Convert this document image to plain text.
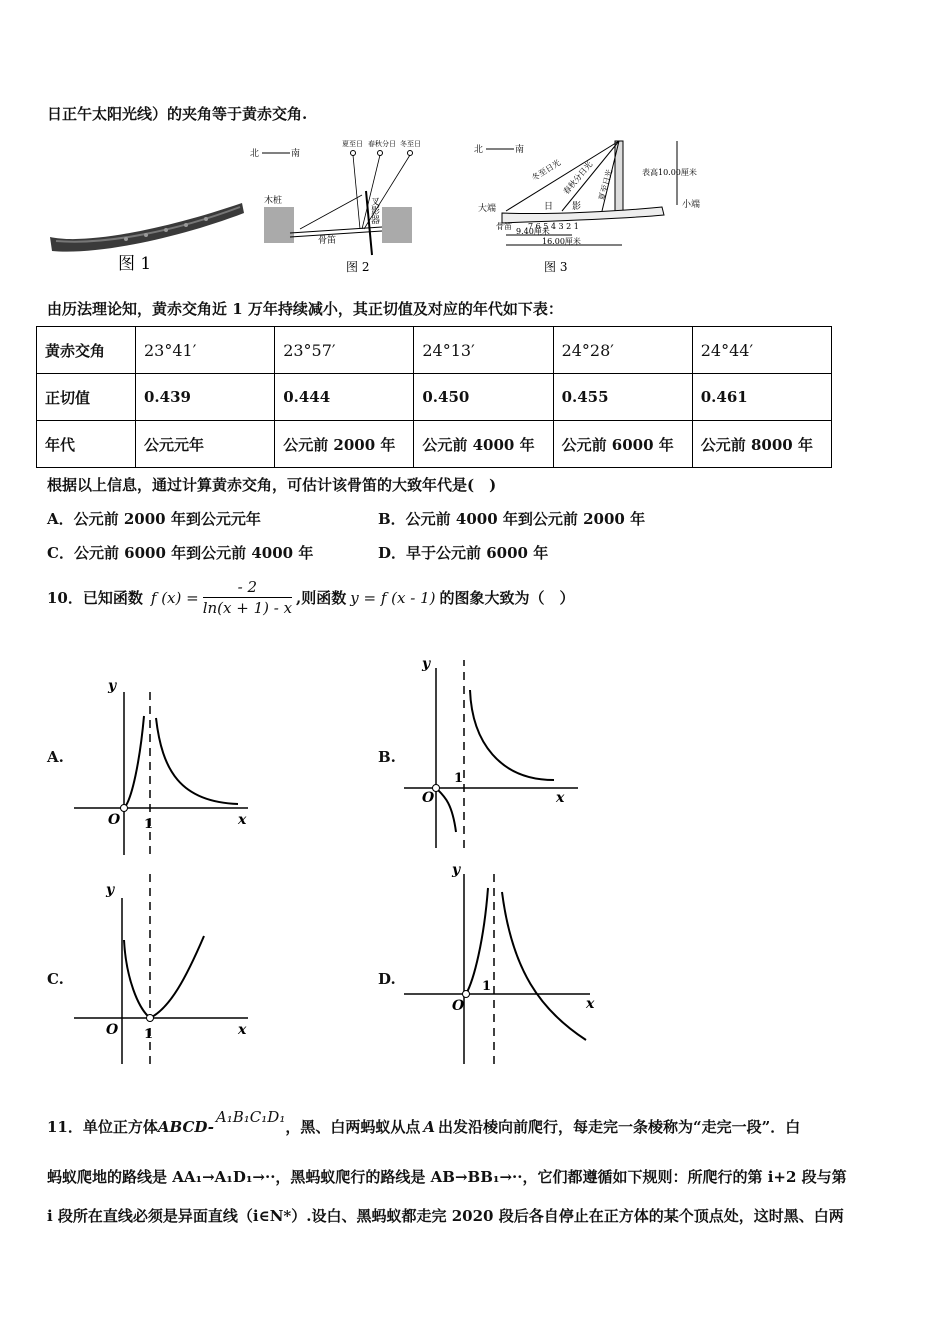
日正午太阳光线）的夹角等于黄赤交角.
图 1
北	南
夏至日 春秋分日 冬至日
木桩	叉影器
骨笛
图 2
北	南
冬至日光 春秋分日光 夏至日光	表高10.00厘米
大端	小端
日 影
7 6 5 4 3 2 1
骨笛
9.40厘米
16.00厘米
图 3
由历法理论知，黄赤交角近 1 万年持续减小，其正切值及对应的年代如下表：
黄赤交角	23°41′	23°57′	24°13′	24°28′	24°44′
正切值	0.439	0.444	0.450	0.455	0.461
年代	公元元年	公元前 2000 年	公元前 4000 年	公元前 6000 年	公元前 8000 年
根据以上信息，通过计算黄赤交角，可估计该骨笛的大致年代是(　)
A．公元前 2000 年到公元元年	B．公元前 4000 年到公元前 2000 年
C．公元前 6000 年到公元前 4000 年	D．早于公元前 6000 年
10．已知函数 f $(x) = \frac{- 2}{\ln(x + 1) - x}$ ,则函数 y = f (x - 1) 的图象大致为（　）
A.
y
O 1	x
B.
y
O
1
x
C.
y
O 1	x
D.
y
O
1
x
11．单位正方体 ABCD-
A₁B₁C₁D₁
，黑、白两蚂蚁从点 A 出发沿棱向前爬行，每走完一条棱称为“走完一段”．白
蚂蚁爬地的路线是 AA₁→A₁D₁→··，黑蚂蚁爬行的路线是 AB→BB₁→··，它们都遵循如下规则：所爬行的第 i+2 段与第
i 段所在直线必须是异面直线（i∈N*）.设白、黑蚂蚁都走完 2020 段后各自停止在正方体的某个顶点处，这时黑、白两
